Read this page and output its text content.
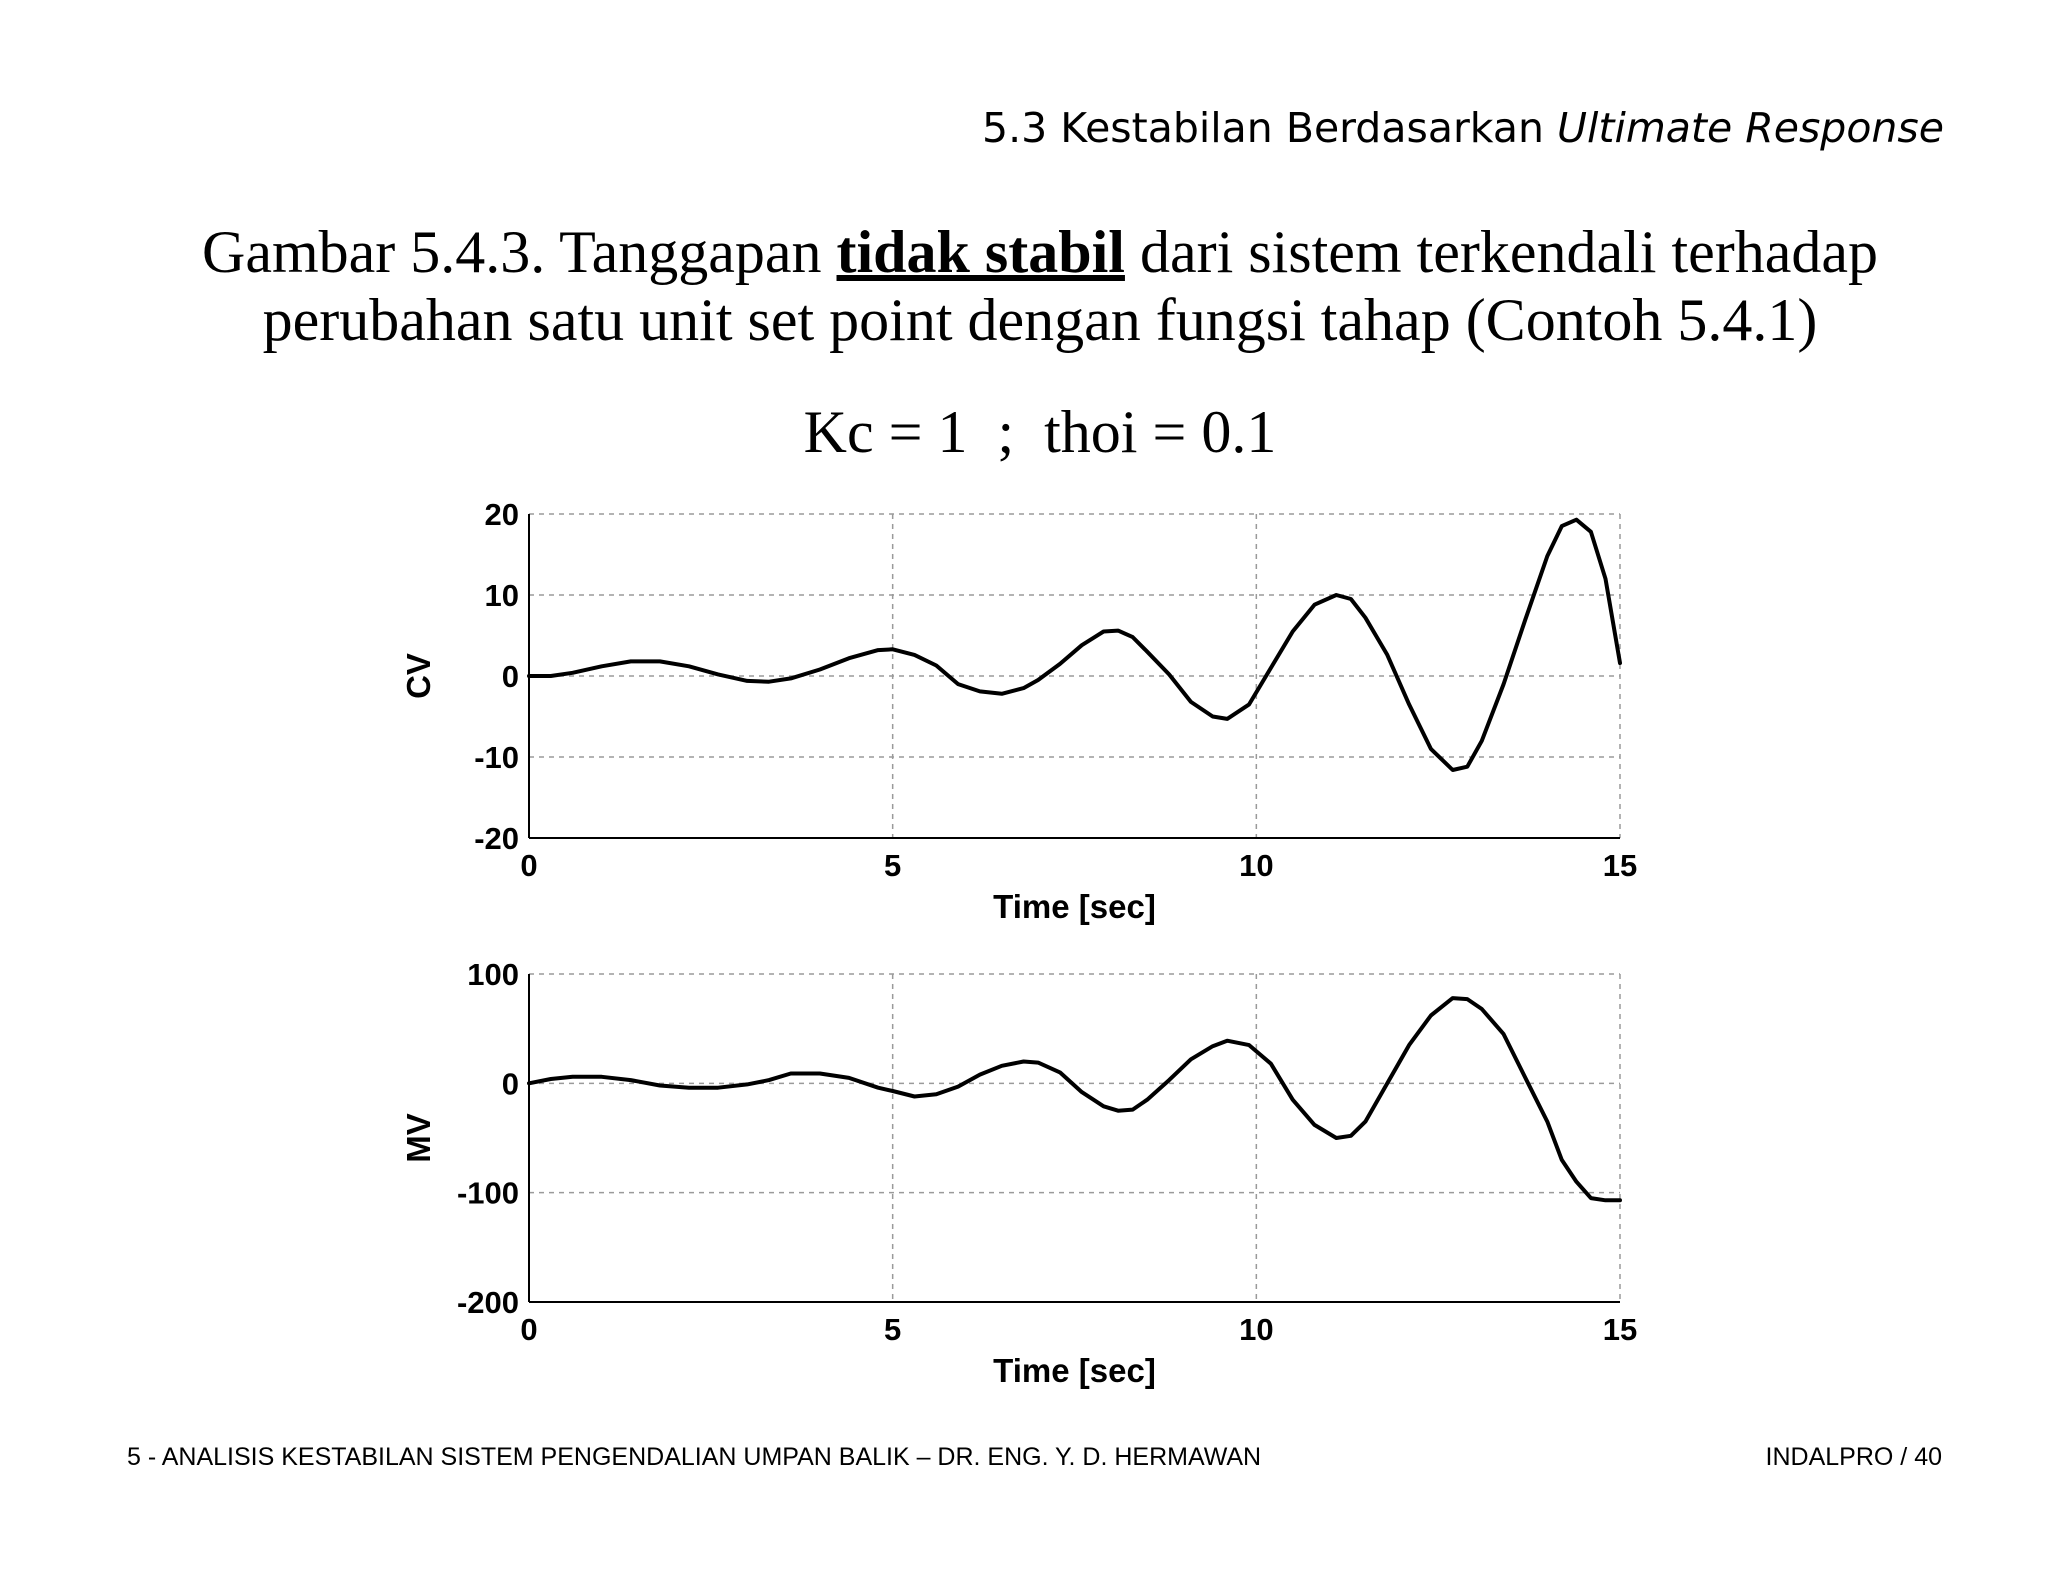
5.3 Kestabilan Berdasarkan Ultimate Response
Gambar 5.4.3. Tanggapan tidak stabil dari sistem terkendali terhadap perubahan satu unit set point dengan fungsi tahap (Contoh 5.4.1)
Kc = 1  ;  thoi = 0.1
20
10
0
-10
-20
0	5	10	15
Time [sec]
CV
100
0
-100
-200
0	5	10	15
Time [sec]
MV
5 - ANALISIS KESTABILAN SISTEM PENGENDALIAN UMPAN BALIK – DR. ENG. Y. D. HERMAWAN	INDALPRO / 40
